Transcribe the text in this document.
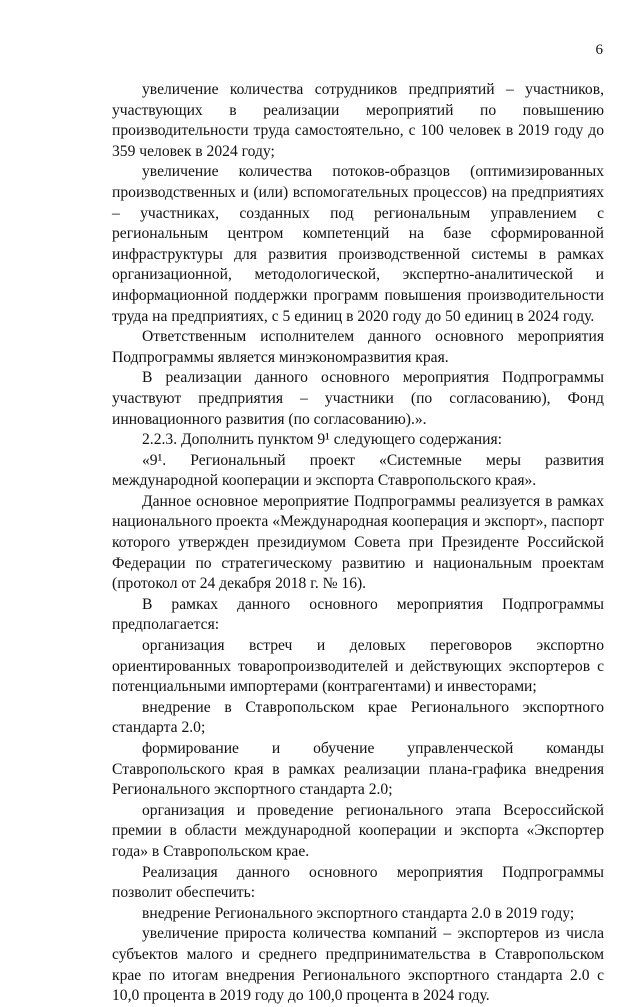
6

увеличение количества сотрудников предприятий – участников, участвующих в реализации мероприятий по повышению производительности труда самостоятельно, с 100 человек в 2019 году до 359 человек в 2024 году;

увеличение количества потоков-образцов (оптимизированных производственных и (или) вспомогательных процессов) на предприятиях – участниках, созданных под региональным управлением с региональным центром компетенций на базе сформированной инфраструктуры для развития производственной системы в рамках организационной, методологической, экспертно-аналитической и информационной поддержки программ повышения производительности труда на предприятиях, с 5 единиц в 2020 году до 50 единиц в 2024 году.

Ответственным исполнителем данного основного мероприятия Подпрограммы является минэкономразвития края.

В реализации данного основного мероприятия Подпрограммы участвуют предприятия – участники (по согласованию), Фонд инновационного развития (по согласованию).».

2.2.3. Дополнить пунктом 9¹ следующего содержания:

«9¹. Региональный проект «Системные меры развития международной кооперации и экспорта Ставропольского края».

Данное основное мероприятие Подпрограммы реализуется в рамках национального проекта «Международная кооперация и экспорт», паспорт которого утвержден президиумом Совета при Президенте Российской Федерации по стратегическому развитию и национальным проектам (протокол от 24 декабря 2018 г. № 16).

В рамках данного основного мероприятия Подпрограммы предполагается:

организация встреч и деловых переговоров экспортно ориентированных товаропроизводителей и действующих экспортеров с потенциальными импортерами (контрагентами) и инвесторами;

внедрение в Ставропольском крае Регионального экспортного стандарта 2.0;

формирование и обучение управленческой команды Ставропольского края в рамках реализации плана-графика внедрения Регионального экспортного стандарта 2.0;

организация и проведение регионального этапа Всероссийской премии в области международной кооперации и экспорта «Экспортер года» в Ставропольском крае.

Реализация данного основного мероприятия Подпрограммы позволит обеспечить:

внедрение Регионального экспортного стандарта 2.0 в 2019 году;

увеличение прироста количества компаний – экспортеров из числа субъектов малого и среднего предпринимательства в Ставропольском крае по итогам внедрения Регионального экспортного стандарта 2.0 с 10,0 процента в 2019 году до 100,0 процента в 2024 году.
